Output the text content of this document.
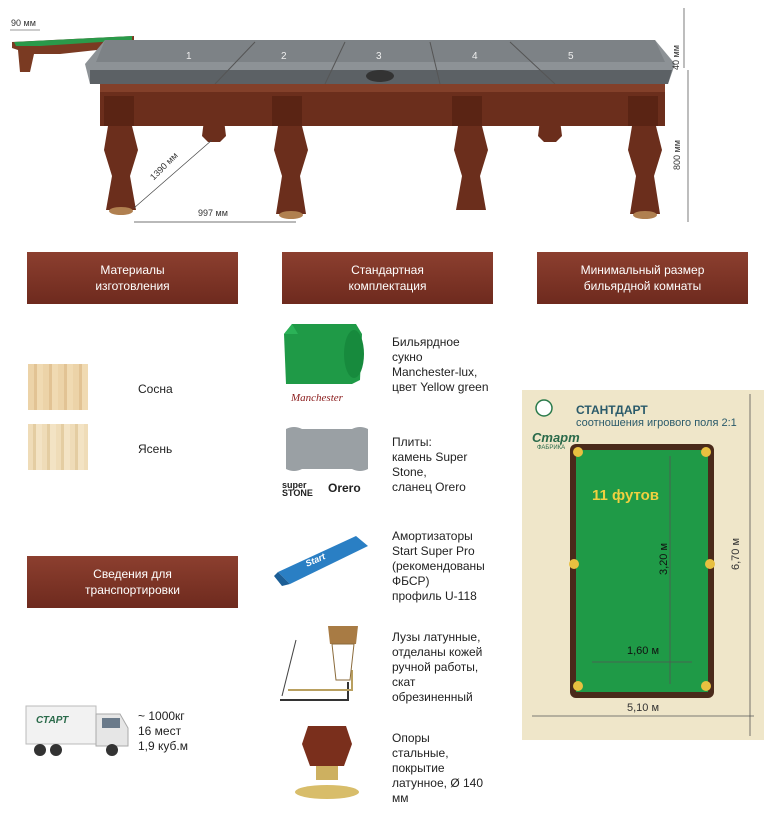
1	2	3	4	5
90 мм
40 мм
800 мм
1390 мм
997 мм
Материалы
изготовления
Стандартная
комплектация
Минимальный размер
бильярдной комнаты
Сведения для
транспортировки
Сосна
Ясень
Manchester
Бильярдное
сукно
Manchester-lux,
цвет Yellow green
super
STONE Orero
Плиты:
камень Super
Stone,
сланец Orero
Start
Амортизаторы
Start Super Pro
(рекомендованы
ФБСР)
профиль U-118
Лузы латунные,
отделаны кожей
ручной работы,
скат
обрезиненный
Опоры
стальные,
покрытие
латунное, Ø 140
мм
Старт
ФАБРИКА
СТАНТДАРТ
соотношения игрового поля 2:1
11 футов
3,20 м
1,60 м
6,70 м
5,10 м
СТАРТ	~ 1000кг
16 мест
1,9 куб.м
